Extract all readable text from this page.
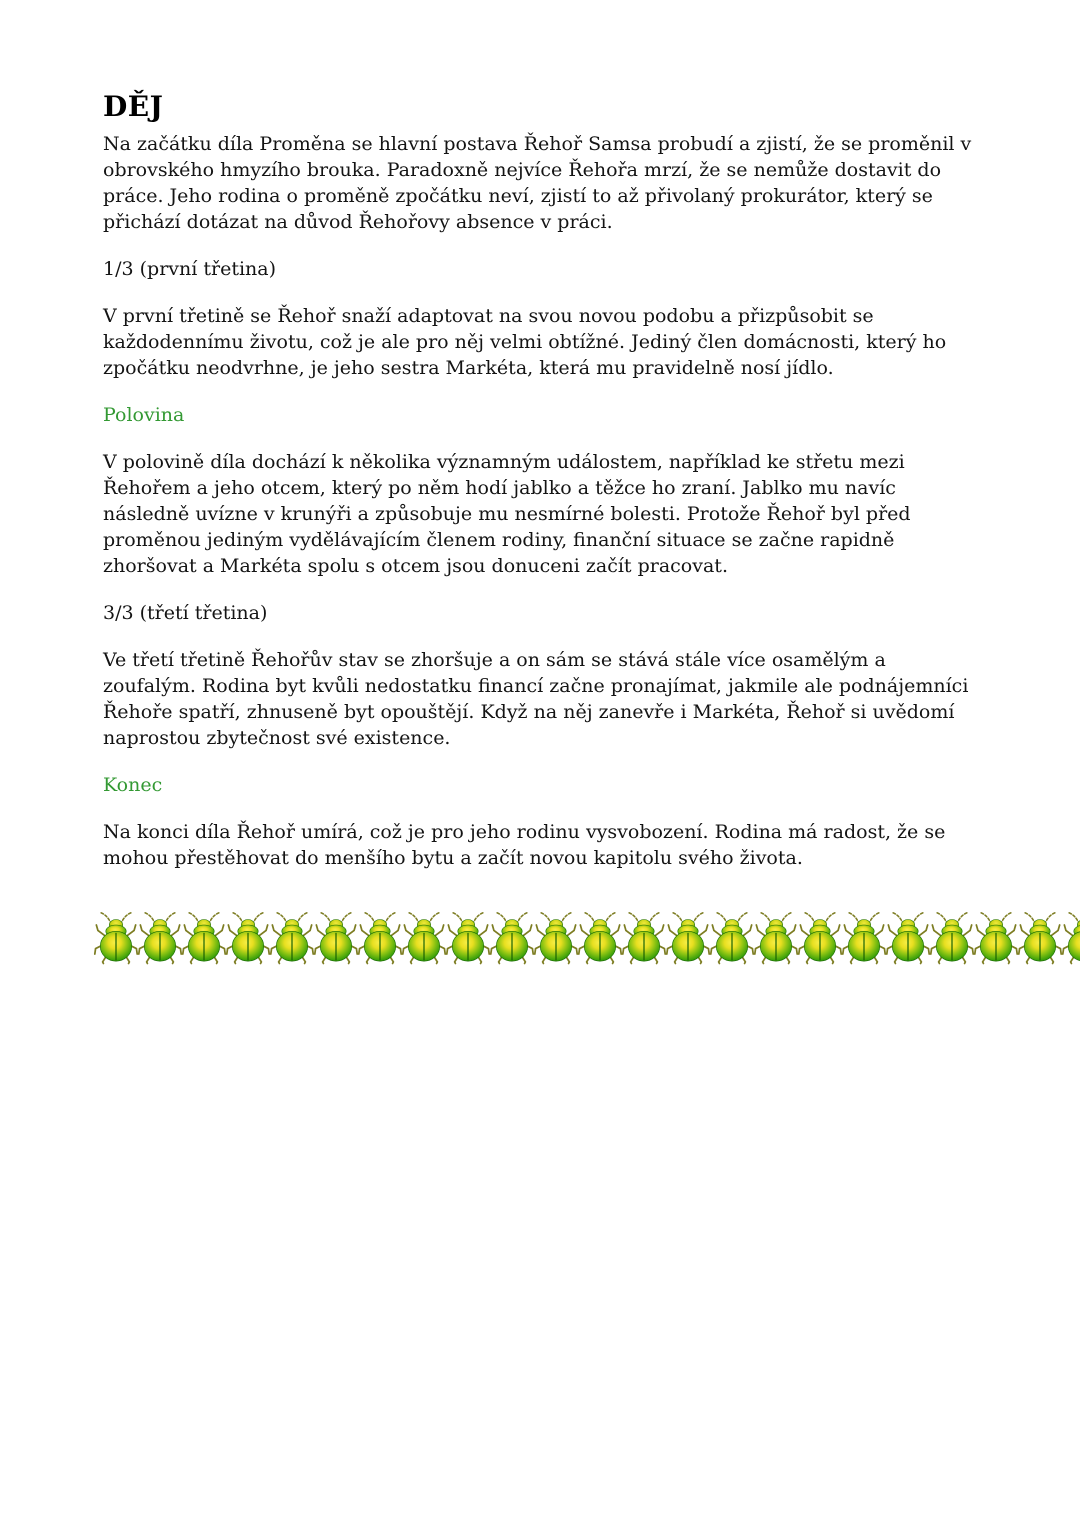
DĚJ

Na začátku díla Proměna se hlavní postava Řehoř Samsa probudí a zjistí, že se proměnil v obrovského hmyzího brouka. Paradoxně nejvíce Řehořa mrzí, že se nemůže dostavit do práce. Jeho rodina o proměně zpočátku neví, zjistí to až přivolaný prokurátor, který se přichází dotázat na důvod Řehořovy absence v práci.

1/3 (první třetina)

V první třetině se Řehoř snaží adaptovat na svou novou podobu a přizpůsobit se každodennímu životu, což je ale pro něj velmi obtížné. Jediný člen domácnosti, který ho zpočátku neodvrhne, je jeho sestra Markéta, která mu pravidelně nosí jídlo.

Polovina

V polovině díla dochází k několika významným událostem, například ke střetu mezi Řehořem a jeho otcem, který po něm hodí jablko a těžce ho zraní. Jablko mu navíc následně uvízne v krunýři a způsobuje mu nesmírné bolesti. Protože Řehoř byl před proměnou jediným vydělávajícím členem rodiny, finanční situace se začne rapidně zhoršovat a Markéta spolu s otcem jsou donuceni začít pracovat.

3/3 (třetí třetina)

Ve třetí třetině Řehořův stav se zhoršuje a on sám se stává stále více osamělým a zoufalým. Rodina byt kvůli nedostatku financí začne pronajímat, jakmile ale podnájemníci Řehoře spatří, zhnuseně byt opouštějí. Když na něj zanevře i Markéta, Řehoř si uvědomí naprostou zbytečnost své existence.

Konec

Na konci díla Řehoř umírá, což je pro jeho rodinu vysvobození. Rodina má radost, že se mohou přestěhovat do menšího bytu a začít novou kapitolu svého života.
